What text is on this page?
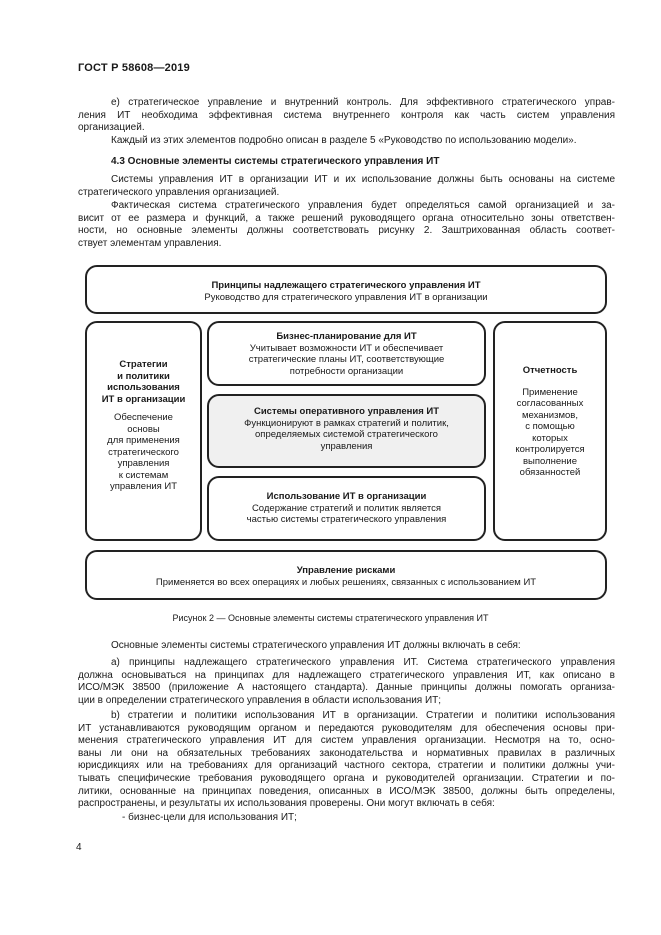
ГОСТ Р 58608—2019
е) стратегическое управление и внутренний контроль. Для эффективного стратегического управ-
ления ИТ необходима эффективная система внутреннего контроля как часть систем управления
организацией.
Каждый из этих элементов подробно описан в разделе 5 «Руководство по использованию модели».
4.3 Основные элементы системы стратегического управления ИТ
Системы управления ИТ в организации ИТ и их использование должны быть основаны на системе
стратегического управления организацией.
Фактическая система стратегического управления будет определяться самой организацией и за-
висит от ее размера и функций, а также решений руководящего органа относительно зоны ответствен-
ности, но основные элементы должны соответствовать рисунку 2. Заштрихованная область соответ-
ствует элементам управления.
Принципы надлежащего стратегического управления ИТ
Руководство для стратегического управления ИТ в организации
Стратегии
и политики
использования
ИТ в организации
Обеспечение
основы
для применения
стратегического
управления
к системам
управления ИТ
Бизнес-планирование для ИТ
Учитывает возможности ИТ и обеспечивает
стратегические планы ИТ, соответствующие
потребности организации
Системы оперативного управления ИТ
Функционируют в рамках стратегий и политик,
определяемых системой стратегического
управления
Использование ИТ в организации
Содержание стратегий и политик является
частью системы стратегического управления
Отчетность
Применение
согласованных
механизмов,
с помощью
которых
контролируется
выполнение
обязанностей
Управление рисками
Применяется во всех операциях и любых решениях, связанных с использованием ИТ
Рисунок 2 — Основные элементы системы стратегического управления ИТ
Основные элементы системы стратегического управления ИТ должны включать в себя:
а) принципы надлежащего стратегического управления ИТ. Система стратегического управления
должна основываться на принципах для надлежащего стратегического управления ИТ, как описано в
ИСО/МЭК 38500 (приложение А настоящего стандарта). Данные принципы должны помогать организа-
ции в определении стратегического управления в области использования ИТ;
b) стратегии и политики использования ИТ в организации. Стратегии и политики использования
ИТ устанавливаются руководящим органом и передаются руководителям для обеспечения основы при-
менения стратегического управления ИТ для систем управления организации. Несмотря на то, осно-
ваны ли они на обязательных требованиях законодательства и нормативных правилах в различных
юрисдикциях или на требованиях для организаций частного сектора, стратегии и политики должны учи-
тывать специфические требования руководящего органа и руководителей организации. Стратегии и по-
литики, основанные на принципах поведения, описанных в ИСО/МЭК 38500, должны быть определены,
распространены, и результаты их использования проверены. Они могут включать в себя:
- бизнес-цели для использования ИТ;
4
